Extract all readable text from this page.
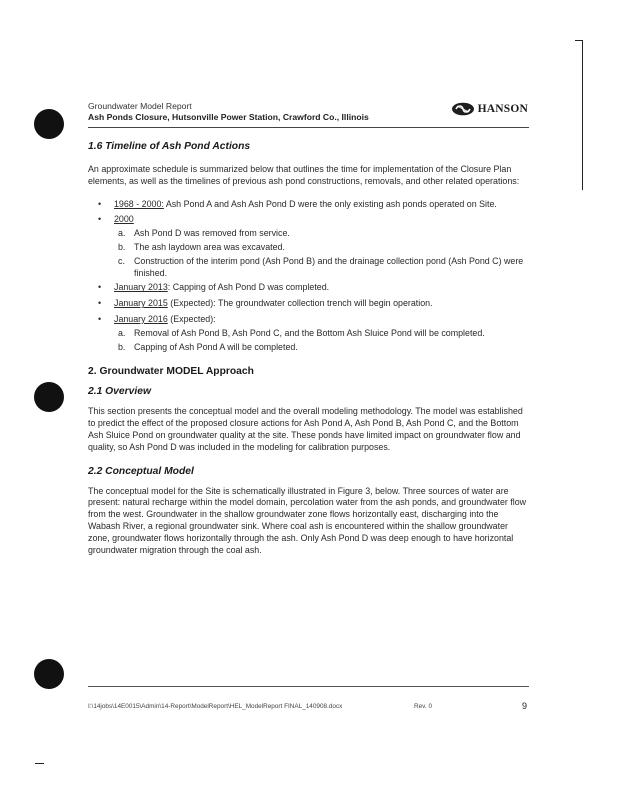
Groundwater Model Report
Ash Ponds Closure, Hutsonville Power Station, Crawford Co., Illinois
HANSON
1.6 Timeline of Ash Pond Actions

An approximate schedule is summarized below that outlines the time for implementation of the Closure Plan elements, as well as the timelines of previous ash pond constructions, removals, and other related operations:

• 1968 - 2000: Ash Pond A and Ash Ash Pond D were the only existing ash ponds operated on Site.
• 2000
a. Ash Pond D was removed from service.
b. The ash laydown area was excavated.
c. Construction of the interim pond (Ash Pond B) and the drainage collection pond (Ash Pond C) were finished.
• January 2013: Capping of Ash Pond D was completed.
• January 2015 (Expected): The groundwater collection trench will begin operation.
• January 2016 (Expected):
a. Removal of Ash Pond B, Ash Pond C, and the Bottom Ash Sluice Pond will be completed.
b. Capping of Ash Pond A will be completed.
2. Groundwater MODEL Approach
2.1 Overview

This section presents the conceptual model and the overall modeling methodology. The model was established to predict the effect of the proposed closure actions for Ash Pond A, Ash Pond B, Ash Pond C, and the Bottom Ash Sluice Pond on groundwater quality at the site. These ponds have limited impact on groundwater flow and quality, so Ash Pond D was included in the modeling for calibration purposes.

2.2 Conceptual Model

The conceptual model for the Site is schematically illustrated in Figure 3, below. Three sources of water are present: natural recharge within the model domain, percolation water from the ash ponds, and groundwater flow from the west. Groundwater in the shallow groundwater zone flows horizontally east, discharging into the Wabash River, a regional groundwater sink. Where coal ash is encountered within the shallow groundwater zone, groundwater flows horizontally through the ash. Only Ash Pond D was deep enough to have horizontal groundwater migration through the coal ash.

I:\14jobs\14E0015\Admin\14-Report\ModelReport\HEL_ModelReport FINAL_140908.docx	Rev. 0	9
